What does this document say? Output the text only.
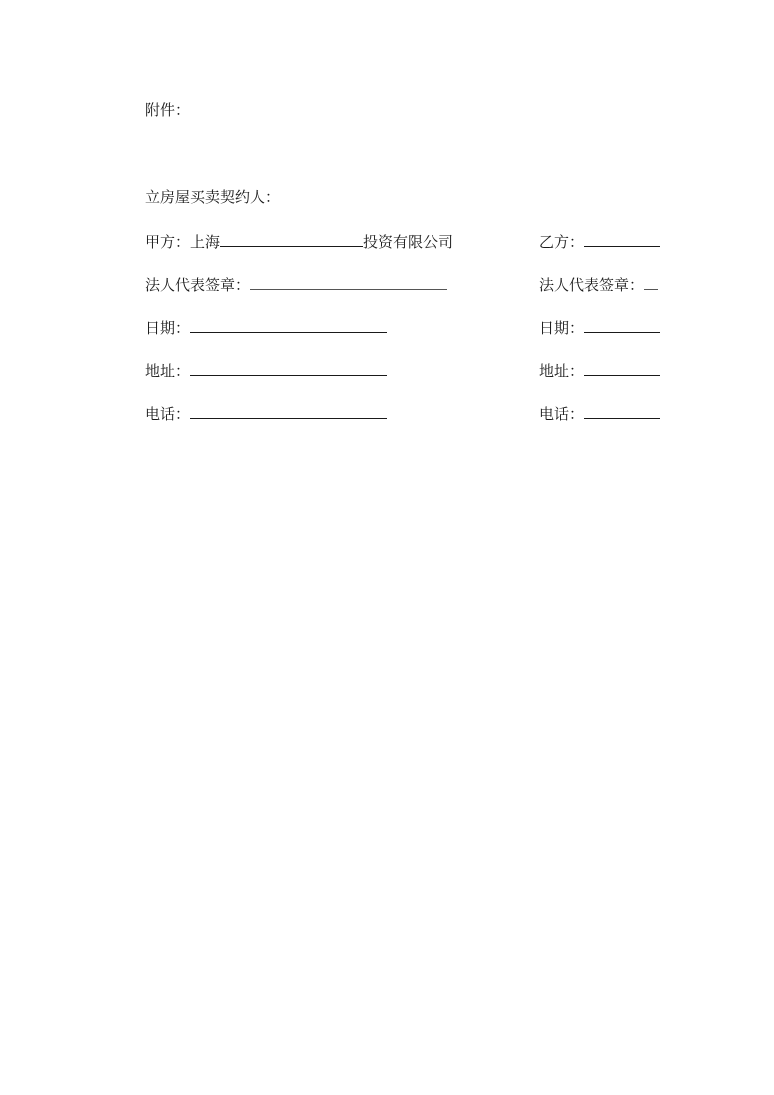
附件：
立房屋买卖契约人：
甲方：上海	投资有限公司
法人代表签章：
日期：
地址：
电话：
乙方：
法人代表签章：
日期：
地址：
电话：
